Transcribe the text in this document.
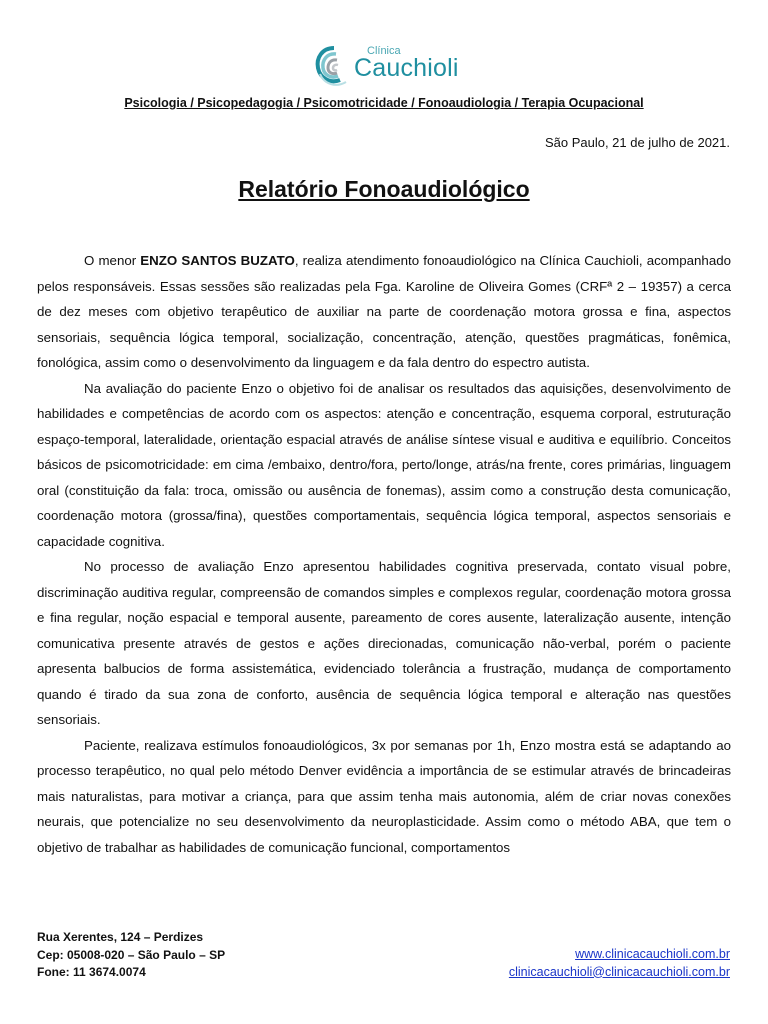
Clínica
Cauchioli
Psicologia / Psicopedagogia / Psicomotricidade / Fonoaudiologia / Terapia Ocupacional
São Paulo, 21 de julho de 2021.
Relatório Fonoaudiológico

O menor ENZO SANTOS BUZATO, realiza atendimento fonoaudiológico na Clínica Cauchioli, acompanhado pelos responsáveis. Essas sessões são realizadas pela Fga. Karoline de Oliveira Gomes (CRFª 2 – 19357) a cerca de dez meses com objetivo terapêutico de auxiliar na parte de coordenação motora grossa e fina, aspectos sensoriais, sequência lógica temporal, socialização, concentração, atenção, questões pragmáticas, fonêmica, fonológica, assim como o desenvolvimento da linguagem e da fala dentro do espectro autista.

Na avaliação do paciente Enzo o objetivo foi de analisar os resultados das aquisições, desenvolvimento de habilidades e competências de acordo com os aspectos: atenção e concentração, esquema corporal, estruturação espaço-temporal, lateralidade, orientação espacial através de análise síntese visual e auditiva e equilíbrio. Conceitos básicos de psicomotricidade: em cima /embaixo, dentro/fora, perto/longe, atrás/na frente, cores primárias, linguagem oral (constituição da fala: troca, omissão ou ausência de fonemas), assim como a construção desta comunicação, coordenação motora (grossa/fina), questões comportamentais, sequência lógica temporal, aspectos sensoriais e capacidade cognitiva.

No processo de avaliação Enzo apresentou habilidades cognitiva preservada, contato visual pobre, discriminação auditiva regular, compreensão de comandos simples e complexos regular, coordenação motora grossa e fina regular, noção espacial e temporal ausente, pareamento de cores ausente, lateralização ausente, intenção comunicativa presente através de gestos e ações direcionadas, comunicação não-verbal, porém o paciente apresenta balbucios de forma assistemática, evidenciado tolerância a frustração, mudança de comportamento quando é tirado da sua zona de conforto, ausência de sequência lógica temporal e alteração nas questões sensoriais.

Paciente, realizava estímulos fonoaudiológicos, 3x por semanas por 1h, Enzo mostra está se adaptando ao processo terapêutico, no qual pelo método Denver evidência a importância de se estimular através de brincadeiras mais naturalistas, para motivar a criança, para que assim tenha mais autonomia, além de criar novas conexões neurais, que potencialize no seu desenvolvimento da neuroplasticidade. Assim como o método ABA, que tem o objetivo de trabalhar as habilidades de comunicação funcional, comportamentos

Rua Xerentes, 124 – Perdizes
Cep: 05008-020 – São Paulo – SP
Fone: 11 3674.0074
www.clinicacauchioli.com.br
clinicacauchioli@clinicacauchioli.com.br
